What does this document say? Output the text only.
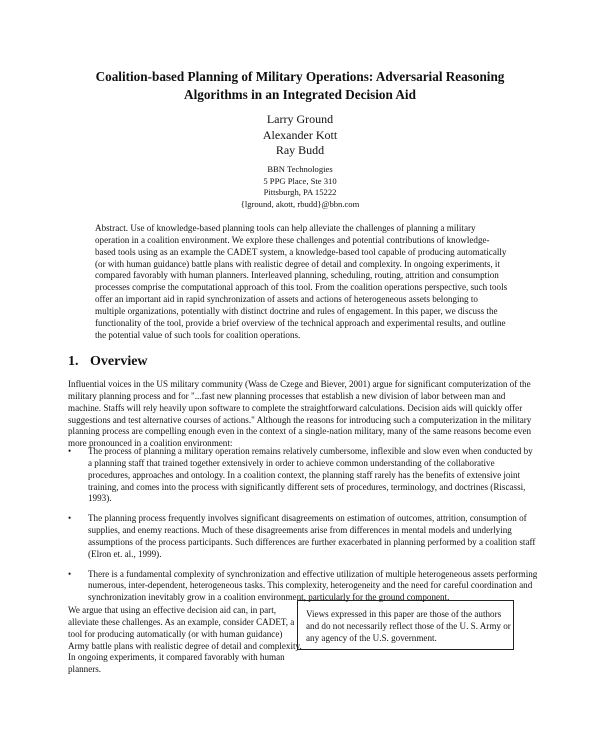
Coalition-based Planning of Military Operations: Adversarial Reasoning
Algorithms in an Integrated Decision Aid
Larry Ground
Alexander Kott
Ray Budd
BBN Technologies
5 PPG Place, Ste 310
Pittsburgh, PA 15222
{lground, akott, rbudd}@bbn.com
Abstract. Use of knowledge-based planning tools can help alleviate the challenges of planning a military operation in a coalition environment. We explore these challenges and potential contributions of knowledge-based tools using as an example the CADET system, a knowledge-based tool capable of producing automatically (or with human guidance) battle plans with realistic degree of detail and complexity. In ongoing experiments, it compared favorably with human planners. Interleaved planning, scheduling, routing, attrition and consumption processes comprise the computational approach of this tool. From the coalition operations perspective, such tools offer an important aid in rapid synchronization of assets and actions of heterogeneous assets belonging to multiple organizations, potentially with distinct doctrine and rules of engagement. In this paper, we discuss the functionality of the tool, provide a brief overview of the technical approach and experimental results, and outline the potential value of such tools for coalition operations.
1. Overview

Influential voices in the US military community (Wass de Czege and Biever, 2001) argue for significant computerization of the military planning process and for "...fast new planning processes that establish a new division of labor between man and machine. Staffs will rely heavily upon software to complete the straightforward calculations. Decision aids will quickly offer suggestions and test alternative courses of actions." Although the reasons for introducing such a computerization in the military planning process are compelling enough even in the context of a single-nation military, many of the same reasons become even more pronounced in a coalition environment:

• The process of planning a military operation remains relatively cumbersome, inflexible and slow even when conducted by a planning staff that trained together extensively in order to achieve common understanding of the collaborative procedures, approaches and ontology. In a coalition context, the planning staff rarely has the benefits of extensive joint training, and comes into the process with significantly different sets of procedures, terminology, and doctrines (Riscassi, 1993).
• The planning process frequently involves significant disagreements on estimation of outcomes, attrition, consumption of supplies, and enemy reactions. Much of these disagreements arise from differences in mental models and underlying assumptions of the process participants. Such differences are further exacerbated in planning performed by a coalition staff (Elron et. al., 1999).
• There is a fundamental complexity of synchronization and effective utilization of multiple heterogeneous assets performing numerous, inter-dependent, heterogeneous tasks. This complexity, heterogeneity and the need for careful coordination and synchronization inevitably grow in a coalition environment, particularly for the ground component.

We argue that using an effective decision aid can, in part, alleviate these challenges. As an example, consider CADET, a tool for producing automatically (or with human guidance) Army battle plans with realistic degree of detail and complexity. In ongoing experiments, it compared favorably with human planners.

Views expressed in this paper are those of the authors and do not necessarily reflect those of the U. S. Army or any agency of the U.S. government.
